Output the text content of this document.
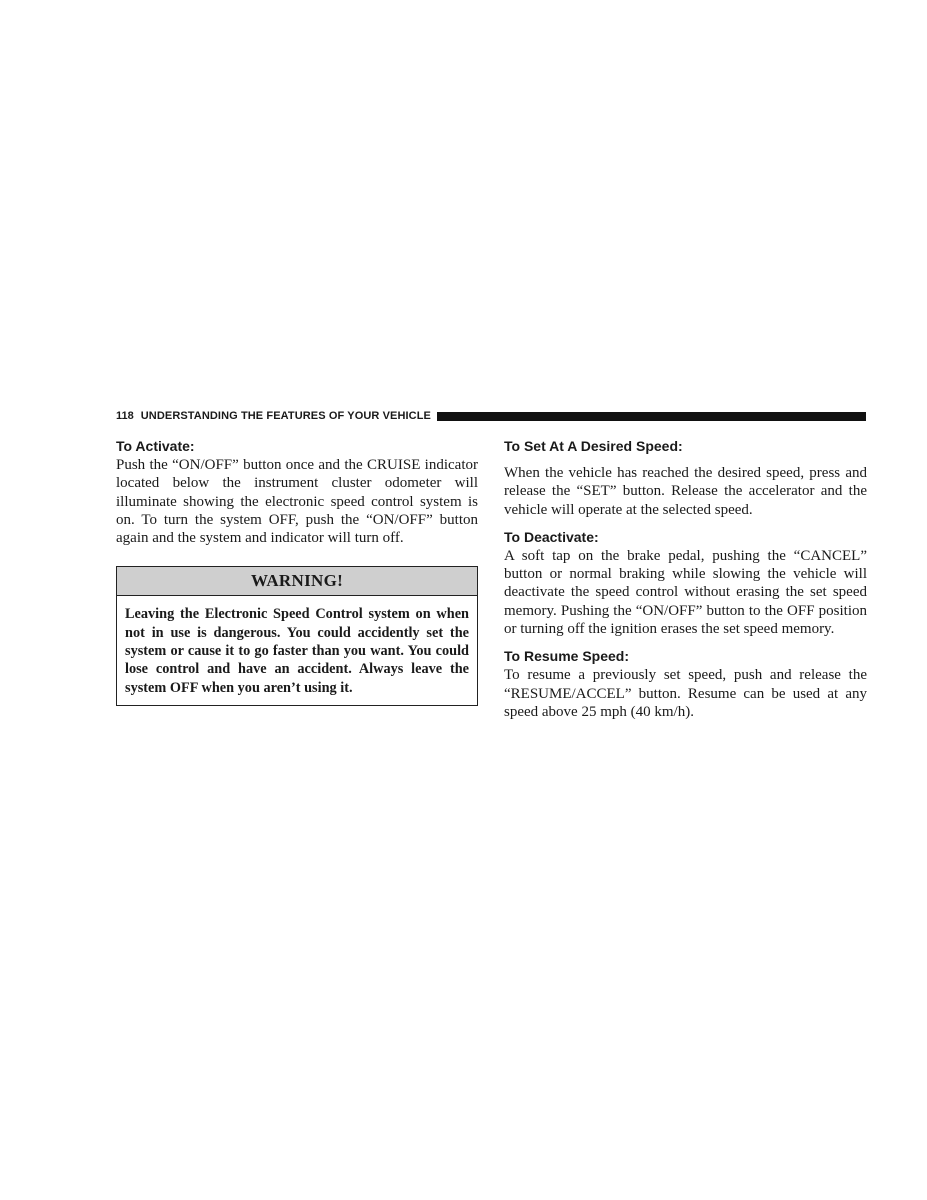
118 UNDERSTANDING THE FEATURES OF YOUR VEHICLE
To Activate:

Push the “ON/OFF” button once and the CRUISE indicator located below the instrument cluster odometer will illuminate showing the electronic speed control system is on. To turn the system OFF, push the “ON/OFF” button again and the system and indicator will turn off.

WARNING!
Leaving the Electronic Speed Control system on when not in use is dangerous. You could accidently set the system or cause it to go faster than you want. You could lose control and have an accident. Always leave the system OFF when you aren’t using it.
To Set At A Desired Speed:

When the vehicle has reached the desired speed, press and release the “SET” button. Release the accelerator and the vehicle will operate at the selected speed.

To Deactivate:

A soft tap on the brake pedal, pushing the “CANCEL” button or normal braking while slowing the vehicle will deactivate the speed control without erasing the set speed memory. Pushing the “ON/OFF” button to the OFF position or turning off the ignition erases the set speed memory.

To Resume Speed:

To resume a previously set speed, push and release the “RESUME/ACCEL” button. Resume can be used at any speed above 25 mph (40 km/h).
